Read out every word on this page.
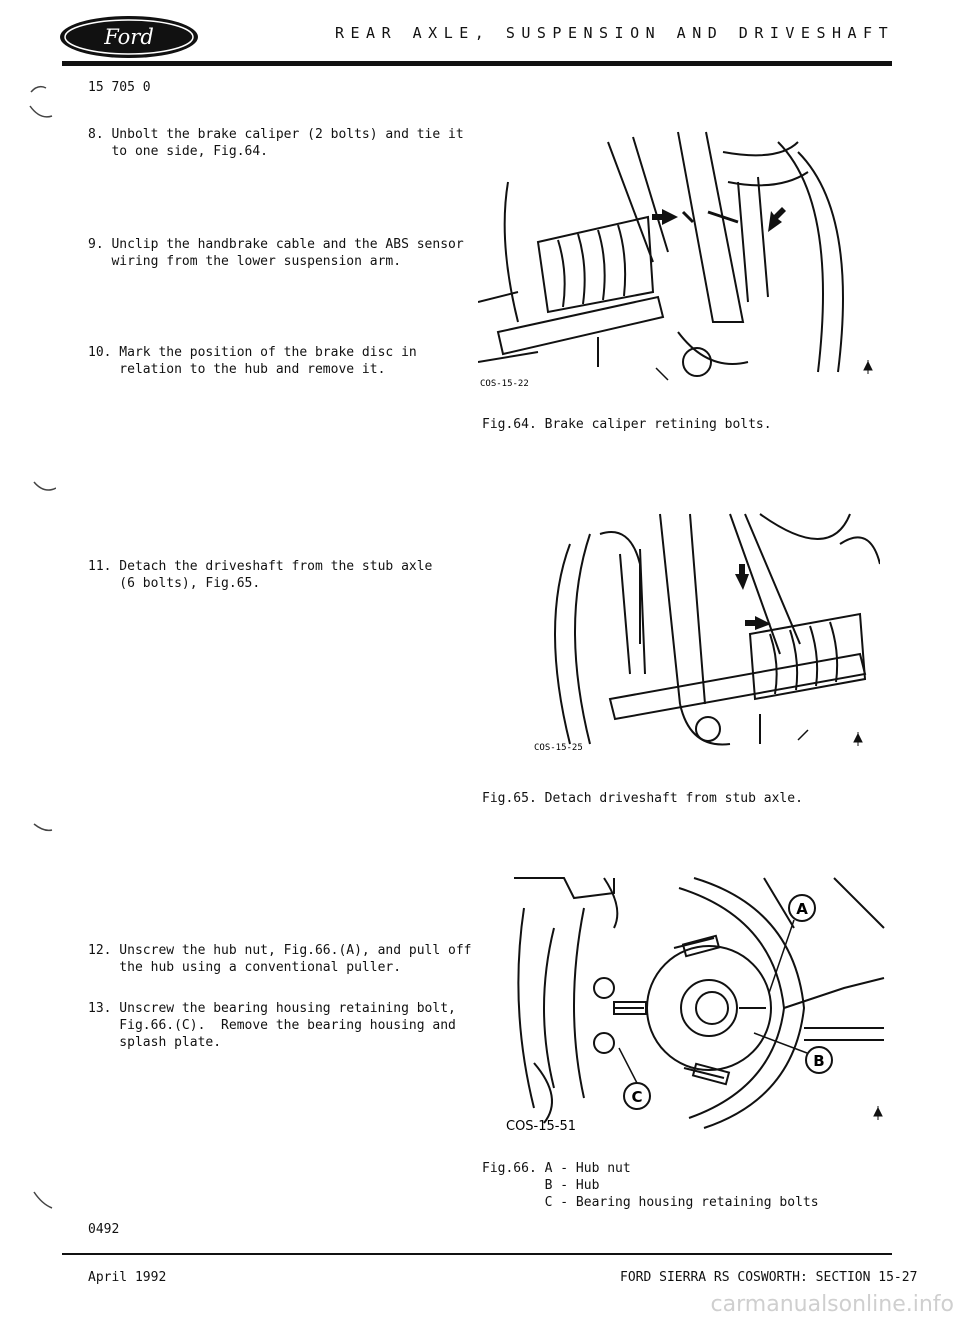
Ford	REAR AXLE, SUSPENSION AND DRIVESHAFT
15 705 0
8. Unbolt the brake caliper (2 bolts) and tie it
to one side, Fig.64.
9. Unclip the handbrake cable and the ABS sensor
wiring from the lower suspension arm.
10. Mark the position of the brake disc in
relation to the hub and remove it.
11. Detach the driveshaft from the stub axle
(6 bolts), Fig.65.
12. Unscrew the hub nut, Fig.66.(A), and pull off
the hub using a conventional puller.
13. Unscrew the bearing housing retaining bolt,
Fig.66.(C).  Remove the bearing housing and
splash plate.
COS-15-22
Fig.64. Brake caliper retining bolts.
COS-15-25
Fig.65. Detach driveshaft from stub axle.
A
B
C
COS-15-51
Fig.66. A - Hub nut
B - Hub
C - Bearing housing retaining bolts
0492
April 1992	FORD SIERRA RS COSWORTH: SECTION 15-27
carmanualsonline.info
